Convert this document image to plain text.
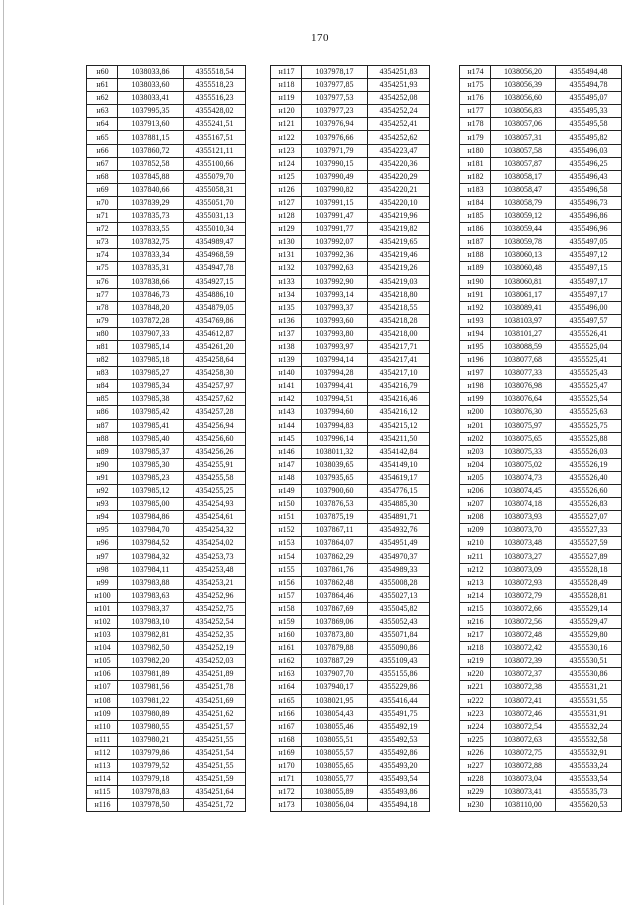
170
н60	1038033,86	4355518,54
н61	1038033,60	4355518,23
н62	1038033,41	4355516,23
н63	1037995,35	4355428,02
н64	1037913,60	4355241,51
н65	1037881,15	4355167,51
н66	1037860,72	4355121,11
н67	1037852,58	4355100,66
н68	1037845,88	4355079,70
н69	1037840,66	4355058,31
н70	1037839,29	4355051,70
н71	1037835,73	4355031,13
н72	1037833,55	4355010,34
н73	1037832,75	4354989,47
н74	1037833,34	4354968,59
н75	1037835,31	4354947,78
н76	1037838,66	4354927,15
н77	1037846,73	4354886,10
н78	1037848,20	4354879,05
н79	1037872,28	4354769,86
н80	1037907,33	4354612,87
н81	1037985,14	4354261,20
н82	1037985,18	4354258,64
н83	1037985,27	4354258,30
н84	1037985,34	4354257,97
н85	1037985,38	4354257,62
н86	1037985,42	4354257,28
н87	1037985,41	4354256,94
н88	1037985,40	4354256,60
н89	1037985,37	4354256,26
н90	1037985,30	4354255,91
н91	1037985,23	4354255,58
н92	1037985,12	4354255,25
н93	1037985,00	4354254,93
н94	1037984,86	4354254,61
н95	1037984,70	4354254,32
н96	1037984,52	4354254,02
н97	1037984,32	4354253,73
н98	1037984,11	4354253,48
н99	1037983,88	4354253,21
н100	1037983,63	4354252,96
н101	1037983,37	4354252,75
н102	1037983,10	4354252,54
н103	1037982,81	4354252,35
н104	1037982,50	4354252,19
н105	1037982,20	4354252,03
н106	1037981,89	4354251,89
н107	1037981,56	4354251,78
н108	1037981,22	4354251,69
н109	1037980,89	4354251,62
н110	1037980,55	4354251,57
н111	1037980,21	4354251,55
н112	1037979,86	4354251,54
н113	1037979,52	4354251,55
н114	1037979,18	4354251,59
н115	1037978,83	4354251,64
н116	1037978,50	4354251,72
н117	1037978,17	4354251,83
н118	1037977,85	4354251,93
н119	1037977,53	4354252,08
н120	1037977,23	4354252,24
н121	1037976,94	4354252,41
н122	1037976,66	4354252,62
н123	1037971,79	4354223,47
н124	1037990,15	4354220,36
н125	1037990,49	4354220,29
н126	1037990,82	4354220,21
н127	1037991,15	4354220,10
н128	1037991,47	4354219,96
н129	1037991,77	4354219,82
н130	1037992,07	4354219,65
н131	1037992,36	4354219,46
н132	1037992,63	4354219,26
н133	1037992,90	4354219,03
н134	1037993,14	4354218,80
н135	1037993,37	4354218,55
н136	1037993,60	4354218,28
н137	1037993,80	4354218,00
н138	1037993,97	4354217,71
н139	1037994,14	4354217,41
н140	1037994,28	4354217,10
н141	1037994,41	4354216,79
н142	1037994,51	4354216,46
н143	1037994,60	4354216,12
н144	1037994,83	4354215,12
н145	1037996,14	4354211,50
н146	1038011,32	4354142,84
н147	1038039,65	4354149,10
н148	1037935,65	4354619,17
н149	1037900,60	4354776,15
н150	1037876,53	4354885,30
н151	1037875,19	4354891,71
н152	1037867,11	4354932,76
н153	1037864,07	4354951,49
н154	1037862,29	4354970,37
н155	1037861,76	4354989,33
н156	1037862,48	4355008,28
н157	1037864,46	4355027,13
н158	1037867,69	4355045,82
н159	1037869,06	4355052,43
н160	1037873,80	4355071,84
н161	1037879,88	4355090,86
н162	1037887,29	4355109,43
н163	1037907,70	4355155,86
н164	1037940,17	4355229,86
н165	1038021,95	4355416,44
н166	1038054,43	4355491,75
н167	1038055,46	4355492,19
н168	1038055,51	4355492,53
н169	1038055,57	4355492,86
н170	1038055,65	4355493,20
н171	1038055,77	4355493,54
н172	1038055,89	4355493,86
н173	1038056,04	4355494,18
н174	1038056,20	4355494,48
н175	1038056,39	4355494,78
н176	1038056,60	4355495,07
н177	1038056,83	4355495,33
н178	1038057,06	4355495,58
н179	1038057,31	4355495,82
н180	1038057,58	4355496,03
н181	1038057,87	4355496,25
н182	1038058,17	4355496,43
н183	1038058,47	4355496,58
н184	1038058,79	4355496,73
н185	1038059,12	4355496,86
н186	1038059,44	4355496,96
н187	1038059,78	4355497,05
н188	1038060,13	4355497,12
н189	1038060,48	4355497,15
н190	1038060,81	4355497,17
н191	1038061,17	4355497,17
н192	1038089,41	4355496,00
н193	1038103,97	4355497,57
н194	1038101,27	4355526,41
н195	1038088,59	4355525,04
н196	1038077,68	4355525,41
н197	1038077,33	4355525,43
н198	1038076,98	4355525,47
н199	1038076,64	4355525,54
н200	1038076,30	4355525,63
н201	1038075,97	4355525,75
н202	1038075,65	4355525,88
н203	1038075,33	4355526,03
н204	1038075,02	4355526,19
н205	1038074,73	4355526,40
н206	1038074,45	4355526,60
н207	1038074,18	4355526,83
н208	1038073,93	4355527,07
н209	1038073,70	4355527,33
н210	1038073,48	4355527,59
н211	1038073,27	4355527,89
н212	1038073,09	4355528,18
н213	1038072,93	4355528,49
н214	1038072,79	4355528,81
н215	1038072,66	4355529,14
н216	1038072,56	4355529,47
н217	1038072,48	4355529,80
н218	1038072,42	4355530,16
н219	1038072,39	4355530,51
н220	1038072,37	4355530,86
н221	1038072,38	4355531,21
н222	1038072,41	4355531,55
н223	1038072,46	4355531,91
н224	1038072,54	4355532,24
н225	1038072,63	4355532,58
н226	1038072,75	4355532,91
н227	1038072,88	4355533,24
н228	1038073,04	4355533,54
н229	1038073,41	4355535,73
н230	1038110,00	4355620,53
